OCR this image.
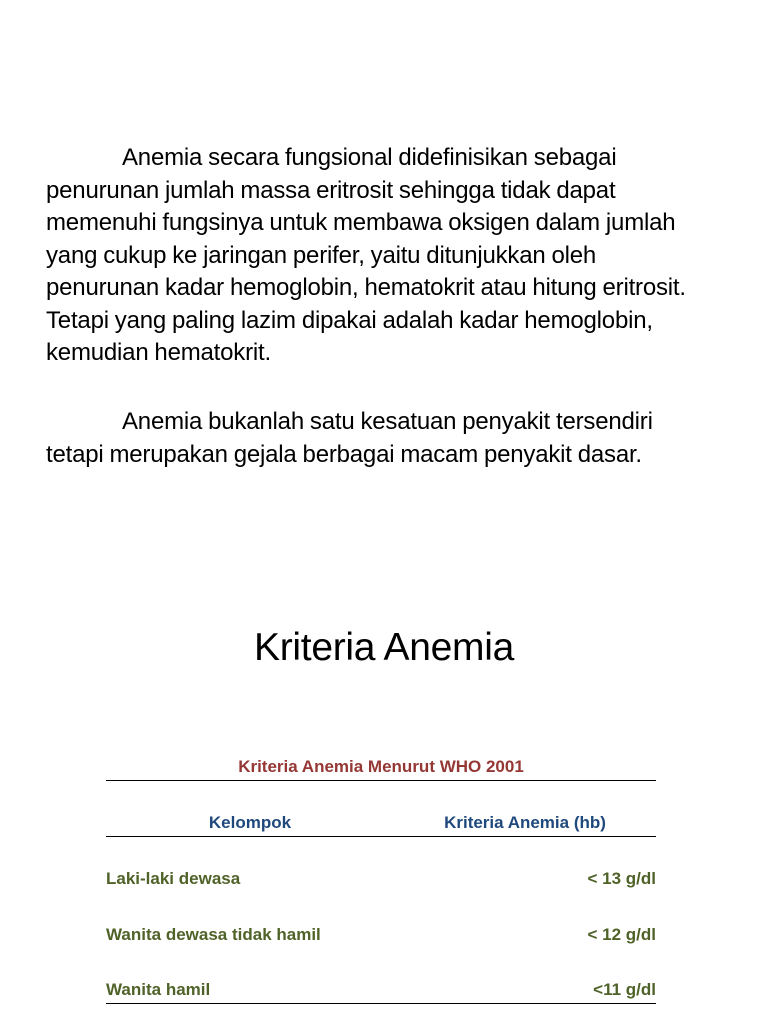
Anemia secara fungsional didefinisikan sebagai penurunan jumlah massa eritrosit sehingga tidak dapat memenuhi fungsinya untuk membawa oksigen dalam jumlah yang cukup ke jaringan perifer, yaitu ditunjukkan oleh penurunan kadar hemoglobin, hematokrit atau hitung eritrosit. Tetapi yang paling lazim dipakai adalah kadar hemoglobin, kemudian hematokrit.

Anemia bukanlah satu kesatuan penyakit tersendiri tetapi merupakan gejala berbagai macam penyakit dasar.

Kriteria Anemia
Kriteria Anemia Menurut WHO 2001
Kelompok	Kriteria Anemia (hb)
Laki-laki dewasa	< 13 g/dl
Wanita dewasa tidak hamil	< 12 g/dl
Wanita hamil	<11 g/dl
